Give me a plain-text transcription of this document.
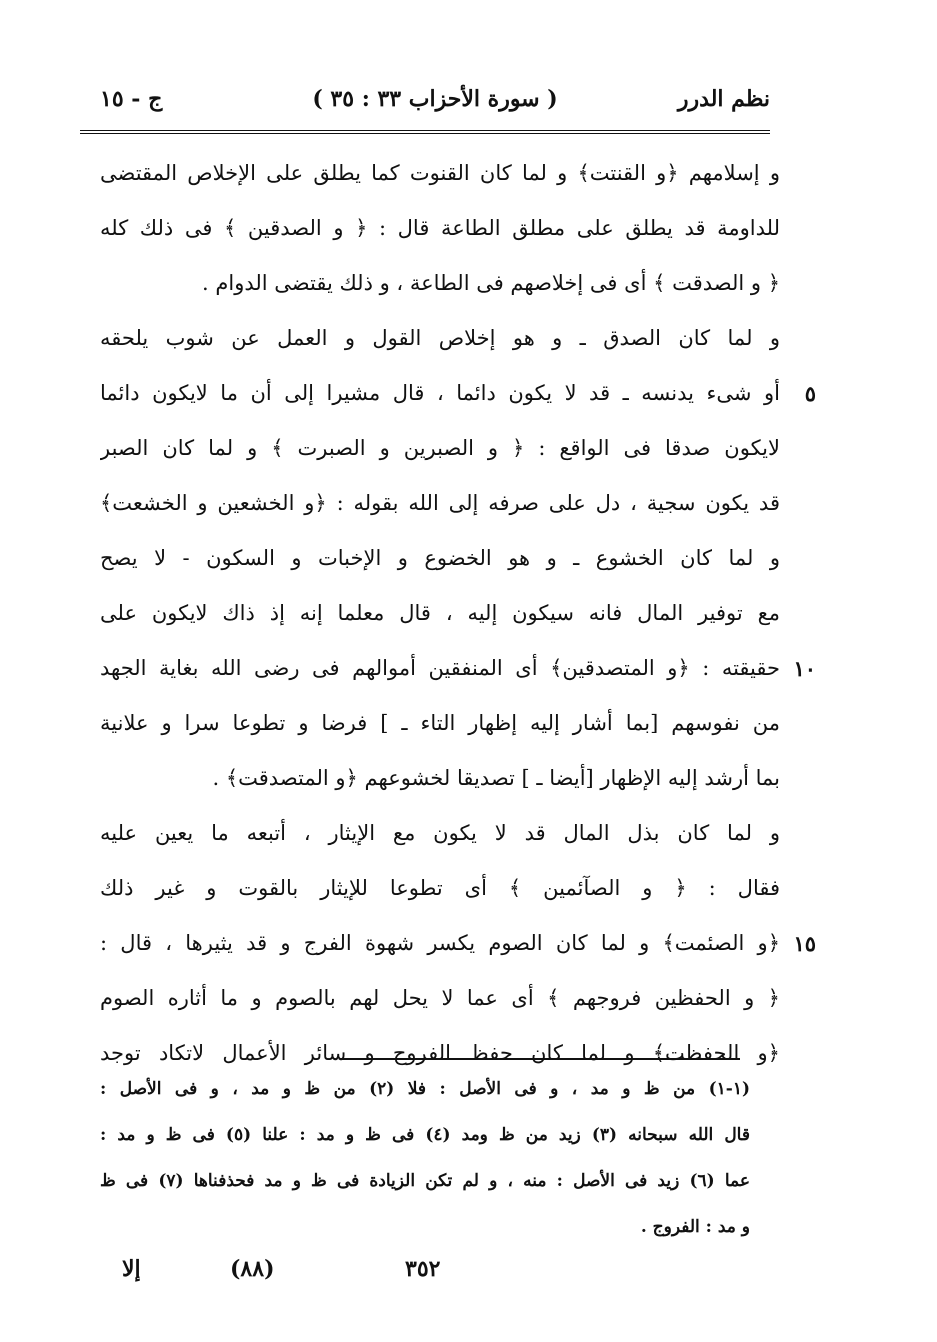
نظم الدرر
( سورة الأحزاب ٣٣ : ٣٥ )
ج - ١٥
و إسلامهم ﴿و القنتت﴾ و لما كان القنوت كما يطلق على الإخلاص المقتضى
للداومة قد يطلق على مطلق الطاعة قال : ﴿ و الصدقين ﴾ فى ذلك كله
﴿ و الصدقت ﴾ أى فى إخلاصهم فى الطاعة ، و ذلك يقتضى الدوام .
و لما كان الصدق ـ و هو إخلاص القول و العمل عن شوب يلحقه
٥
أو شىء يدنسه ـ قد لا يكون دائما ، قال مشيرا إلى أن ما لايكون دائما
لايكون صدقا فى الواقع : ﴿ و الصبرين و الصبرت ﴾ و لما كان الصبر
قد يكون سجية ، دل على صرفه إلى الله بقوله : ﴿و الخشعين و الخشعت﴾
و لما كان الخشوع ـ و هو الخضوع و الإخبات و السكون - لا يصح
مع توفير المال فانه سيكون إليه ، قال معلما إنه إذ ذاك لايكون على
١٠
حقيقته : ﴿و المتصدقين﴾ أى المنفقين أموالهم فى رضى الله بغاية الجهد
من نفوسهم [بما أشار إليه إظهار التاء ـ ] فرضا و تطوعا سرا و علانية
بما أرشد إليه الإظهار [أيضا ـ ] تصديقا لخشوعهم ﴿و المتصدقت﴾ .
و لما كان بذل المال قد لا يكون مع الإيثار ، أتبعه ما يعين عليه
فقال : ﴿ و الصآئمين ﴾ أى تطوعا للإيثار بالقوت و غير ذلك
١٥
﴿و الصئمت﴾ و لما كان الصوم يكسر شهوة الفرج و قد يثيرها ، قال :
﴿ و الحفظين فروجهم ﴾ أى عما لا يحل لهم بالصوم و ما أثاره الصوم
﴿و الحفظت﴾ و لما كان حفظ الفروج و سائر الأعمال لاتكاد توجد
(١-١) من ظ و مد ، و فى الأصل : فلا (٢) من ظ و مد ، و فى الأصل :
قال الله سبحانه (٣) زيد من ظ ومد (٤) فى ظ و مد : علنا (٥) فى ظ و مد :
عما (٦) زيد فى الأصل : منه ، و لم تكن الزيادة فى ظ و مد فحذفناها (٧) فى ظ
و مد : الفروج .
إلا	(٨٨)	٣٥٢
